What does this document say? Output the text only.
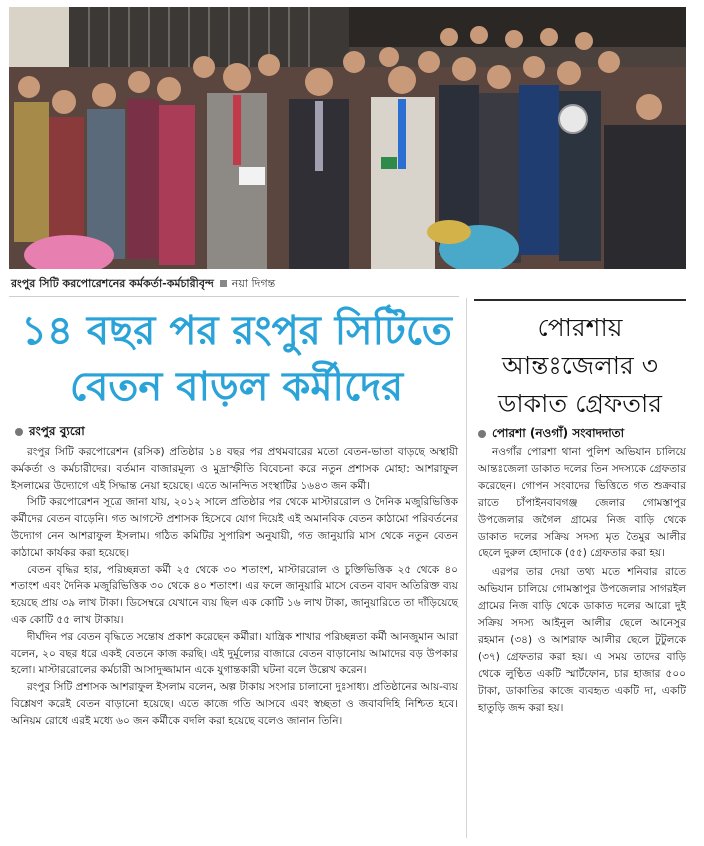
রংপুর সিটি করপোরেশনের কর্মকর্তা-কর্মচারীবৃন্দ নয়া দিগন্ত
১৪ বছর পর রংপুর সিটিতে
বেতন বাড়ল কর্মীদের
রংপুর ব্যুরো

রংপুর সিটি করপোরেশন (রসিক) প্রতিষ্ঠার ১৪ বছর পর প্রথমবারের মতো বেতন-ভাতা বাড়ছে অস্থায়ী কর্মকর্তা ও কর্মচারীদের। বর্তমান বাজারমূল্য ও মুদ্রাস্ফীতি বিবেচনা করে নতুন প্রশাসক মোহা: আশরাফুল ইসলামের উদ্যোগে এই সিদ্ধান্ত নেয়া হয়েছে। এতে আনন্দিত সংস্থাটির ১৬৪৩ জন কর্মী।

সিটি করপোরেশন সূত্রে জানা যায়, ২০১২ সালে প্রতিষ্ঠার পর থেকে মাস্টাররোল ও দৈনিক মজুরিভিত্তিক কর্মীদের বেতন বাড়েনি। গত আগস্টে প্রশাসক হিসেবে যোগ দিয়েই এই অমানবিক বেতন কাঠামো পরিবর্তনের উদ্যোগ নেন আশরাফুল ইসলাম। গঠিত কমিটির সুপারিশ অনুযায়ী, গত জানুয়ারি মাস থেকে নতুন বেতন কাঠামো কার্যকর করা হয়েছে।

বেতন বৃদ্ধির হার, পরিচ্ছন্নতা কর্মী ২৫ থেকে ৩০ শতাংশ, মাস্টাররোল ও চুক্তিভিত্তিক ২৫ থেকে ৪০ শতাংশ এবং দৈনিক মজুরিভিত্তিক ৩০ থেকে ৪০ শতাংশ। এর ফলে জানুয়ারি মাসে বেতন বাবদ অতিরিক্ত ব্যয় হয়েছে প্রায় ৩৯ লাখ টাকা। ডিসেম্বরে যেখানে ব্যয় ছিল এক কোটি ১৬ লাখ টাকা, জানুয়ারিতে তা দাঁড়িয়েছে এক কোটি ৫৫ লাখ টাকায়।

দীর্ঘদিন পর বেতন বৃদ্ধিতে সন্তোষ প্রকাশ করেছেন কর্মীরা। যান্ত্রিক শাখার পরিচ্ছন্নতা কর্মী আনজুমান আরা বলেন, ২০ বছর ধরে একই বেতনে কাজ করছি। এই দুর্মূল্যের বাজারে বেতন বাড়ানোয় আমাদের বড় উপকার হলো। মাস্টাররোলের কর্মচারী আসাদুজ্জামান একে যুগান্তকারী ঘটনা বলে উল্লেখ করেন।

রংপুর সিটি প্রশাসক আশরাফুল ইসলাম বলেন, অল্প টাকায় সংসার চালানো দুঃসাধ্য। প্রতিষ্ঠানের আয়-ব্যয় বিশ্লেষণ করেই বেতন বাড়ানো হয়েছে। এতে কাজে গতি আসবে এবং স্বচ্ছতা ও জবাবদিহি নিশ্চিত হবে। অনিয়ম রোধে এরই মধ্যে ৬০ জন কর্মীকে বদলি করা হয়েছে বলেও জানান তিনি।

পোরশায়
আন্তঃজেলার ৩
ডাকাত গ্রেফতার
পোরশা (নওগাঁ) সংবাদদাতা

নওগাঁর পোরশা থানা পুলিশ অভিযান চালিয়ে আন্তঃজেলা ডাকাত দলের তিন সদস্যকে গ্রেফতার করেছেন। গোপন সংবাদের ভিত্তিতে গত শুক্রবার রাতে চাঁপাইনবাবগঞ্জ জেলার গোমস্তাপুর উপজেলার জগৈল গ্রামের নিজ বাড়ি থেকে ডাকাত দলের সক্রিয় সদস্য মৃত তৈমুর আলীর ছেলে দুরুল হোদাকে (৫৫) গ্রেফতার করা হয়।

এরপর তার দেয়া তথ্য মতে শনিবার রাতে অভিযান চালিয়ে গোমস্তাপুর উপজেলার সাগরইল গ্রামের নিজ বাড়ি থেকে ডাকাত দলের আরো দুই সক্রিয় সদস্য আইনুল আলীর ছেলে আনেসুর রহমান (৩৪) ও আশরাফ আলীর ছেলে টুটুলকে (৩৭) গ্রেফতার করা হয়। এ সময় তাদের বাড়ি থেকে লুণ্ঠিত একটি স্মার্টফোন, চার হাজার ৫০০ টাকা, ডাকাতির কাজে ব্যবহৃত একটি দা, একটি হাতুড়ি জব্দ করা হয়।
